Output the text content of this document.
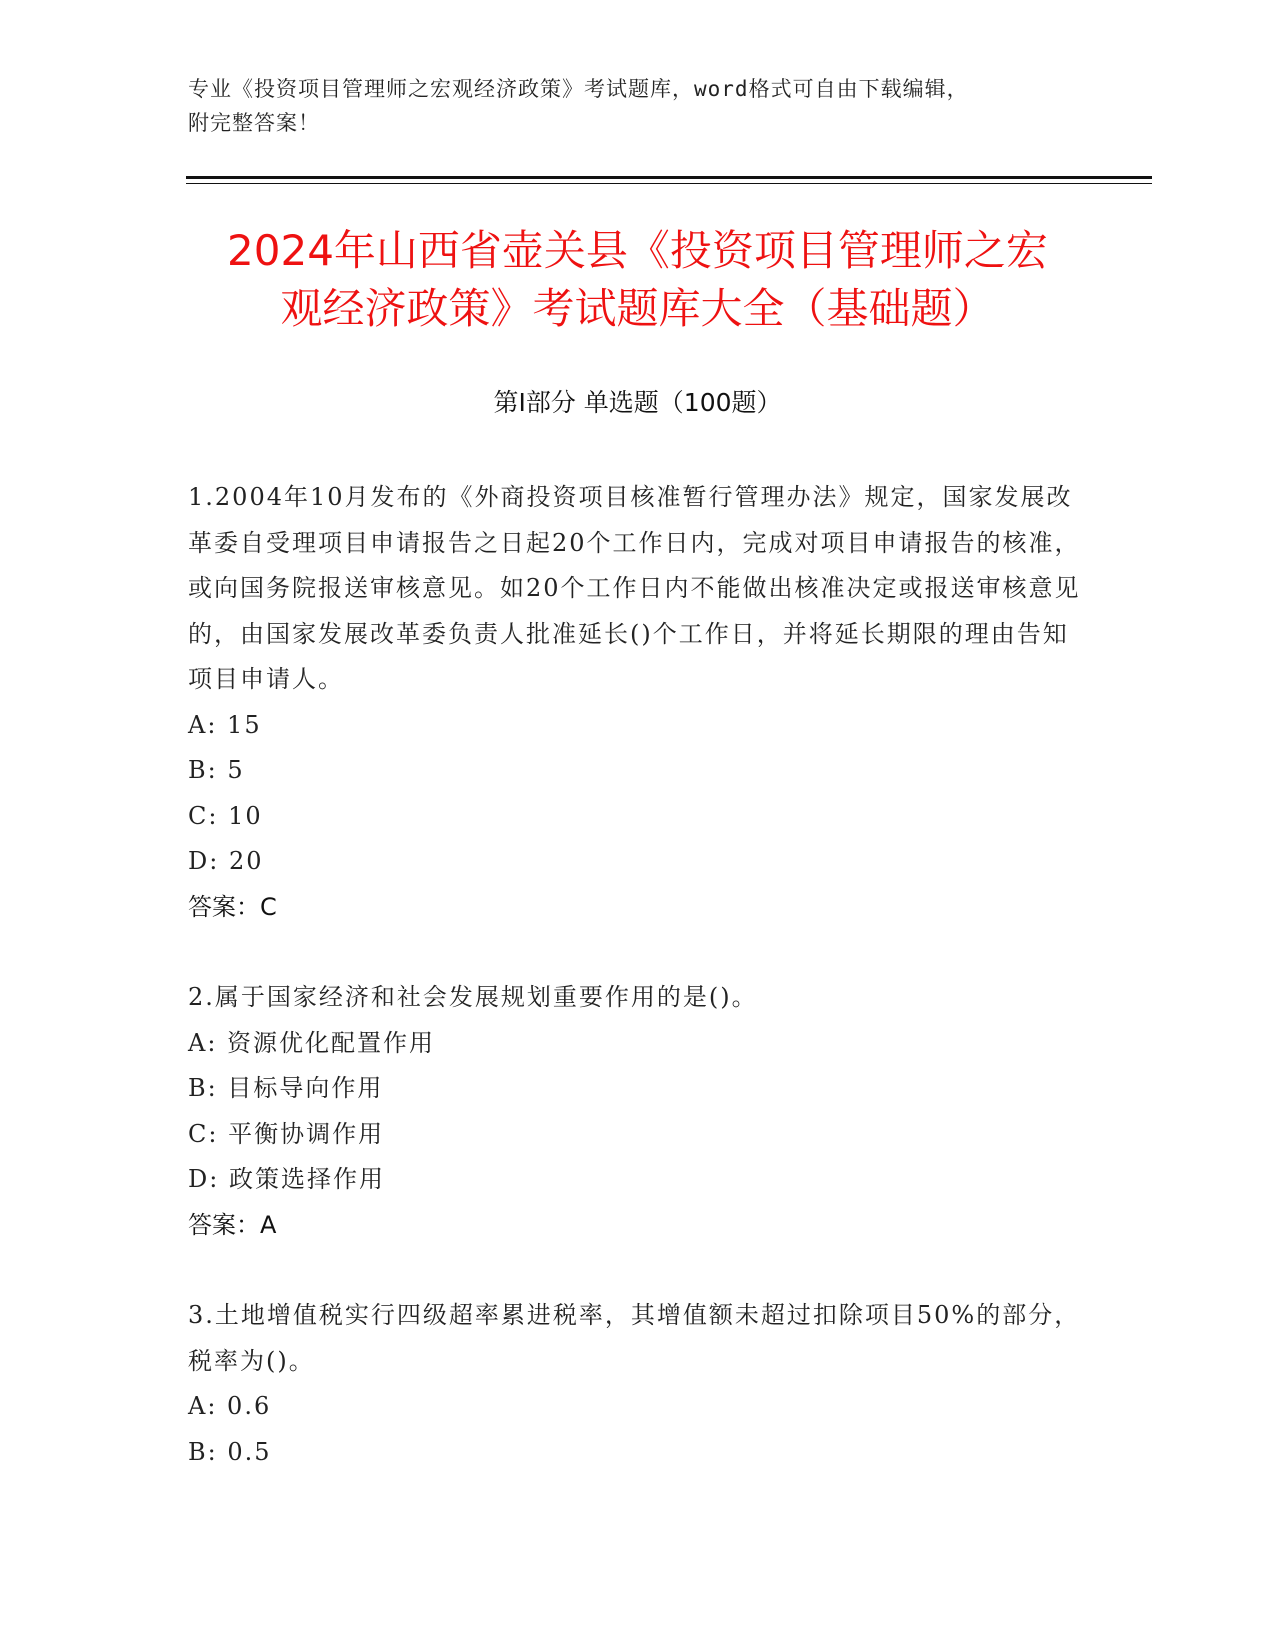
专业《投资项目管理师之宏观经济政策》考试题库，word格式可自由下载编辑，
附完整答案！
2024年山西省壶关县《投资项目管理师之宏
观经济政策》考试题库大全（基础题）
第Ⅰ部分 单选题（100题）
1.2004年10月发布的《外商投资项目核准暂行管理办法》规定，国家发展改革委自受理项目申请报告之日起20个工作日内，完成对项目申请报告的核准，或向国务院报送审核意见。如20个工作日内不能做出核准决定或报送审核意见的，由国家发展改革委负责人批准延长()个工作日，并将延长期限的理由告知项目申请人。
A: 15
B: 5
C: 10
D: 20
答案：C
2.属于国家经济和社会发展规划重要作用的是()。
A: 资源优化配置作用
B: 目标导向作用
C: 平衡协调作用
D: 政策选择作用
答案：A
3.土地增值税实行四级超率累进税率，其增值额未超过扣除项目50%的部分，税率为()。
A: 0.6
B: 0.5
